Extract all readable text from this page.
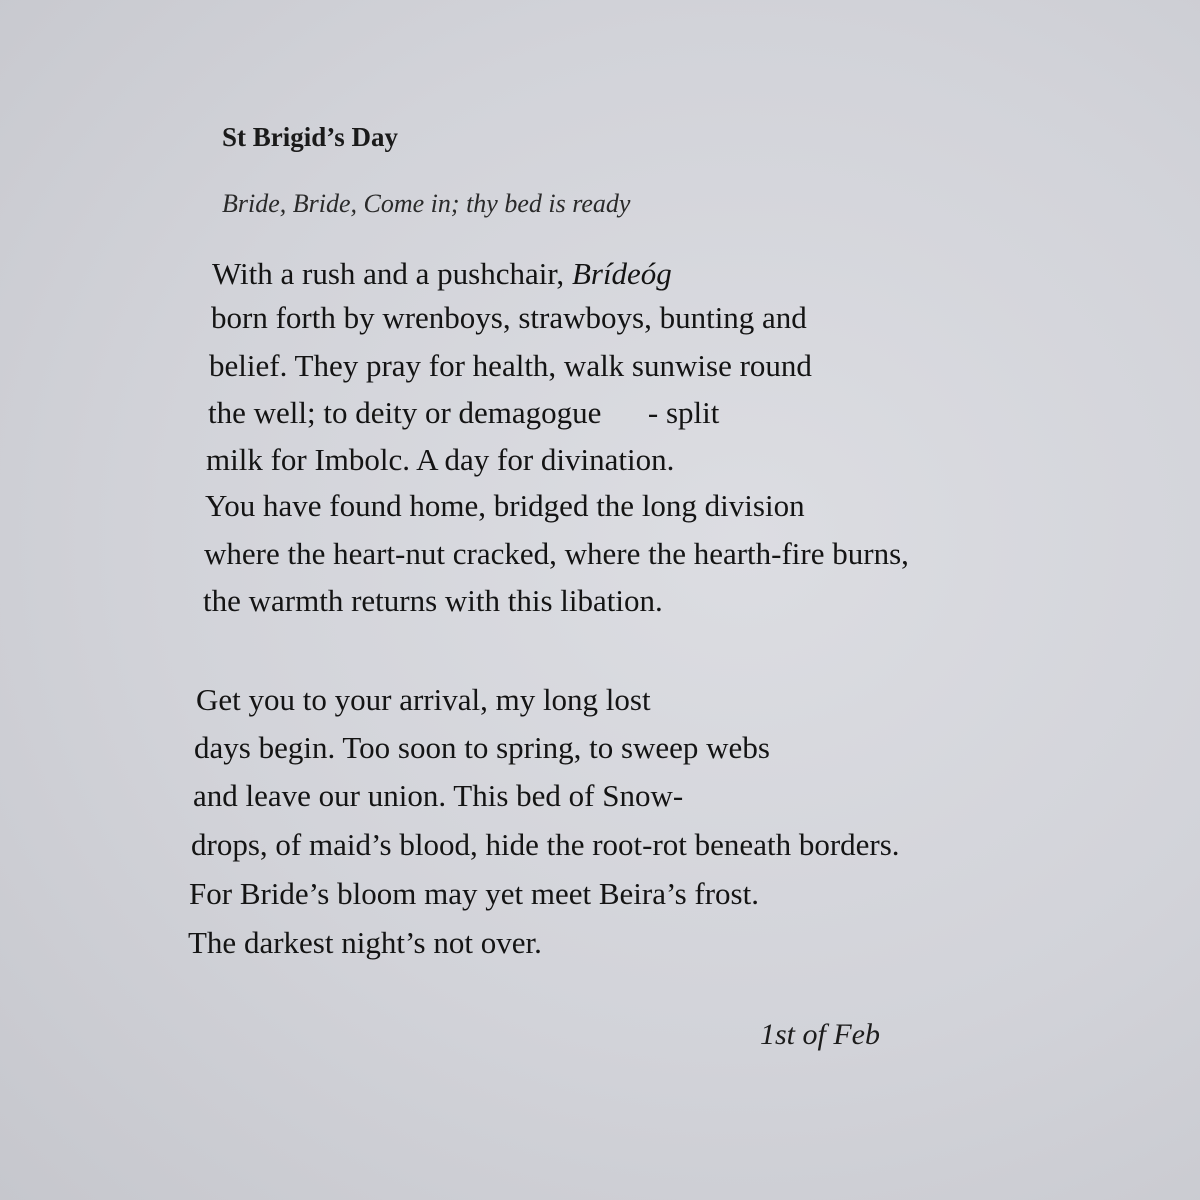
St Brigid’s Day

Bride, Bride, Come in; thy bed is ready

With a rush and a pushchair, Brídeóg

born forth by wrenboys, strawboys, bunting and

belief. They pray for health, walk sunwise round

the well; to deity or demagogue      - split

milk for Imbolc. A day for divination.

You have found home, bridged the long division

where the heart-nut cracked, where the hearth-fire burns,

the warmth returns with this libation.

Get you to your arrival, my long lost

days begin. Too soon to spring, to sweep webs

and leave our union. This bed of Snow-

drops, of maid’s blood, hide the root-rot beneath borders.

For Bride’s bloom may yet meet Beira’s frost.

The darkest night’s not over.

1st of Feb
